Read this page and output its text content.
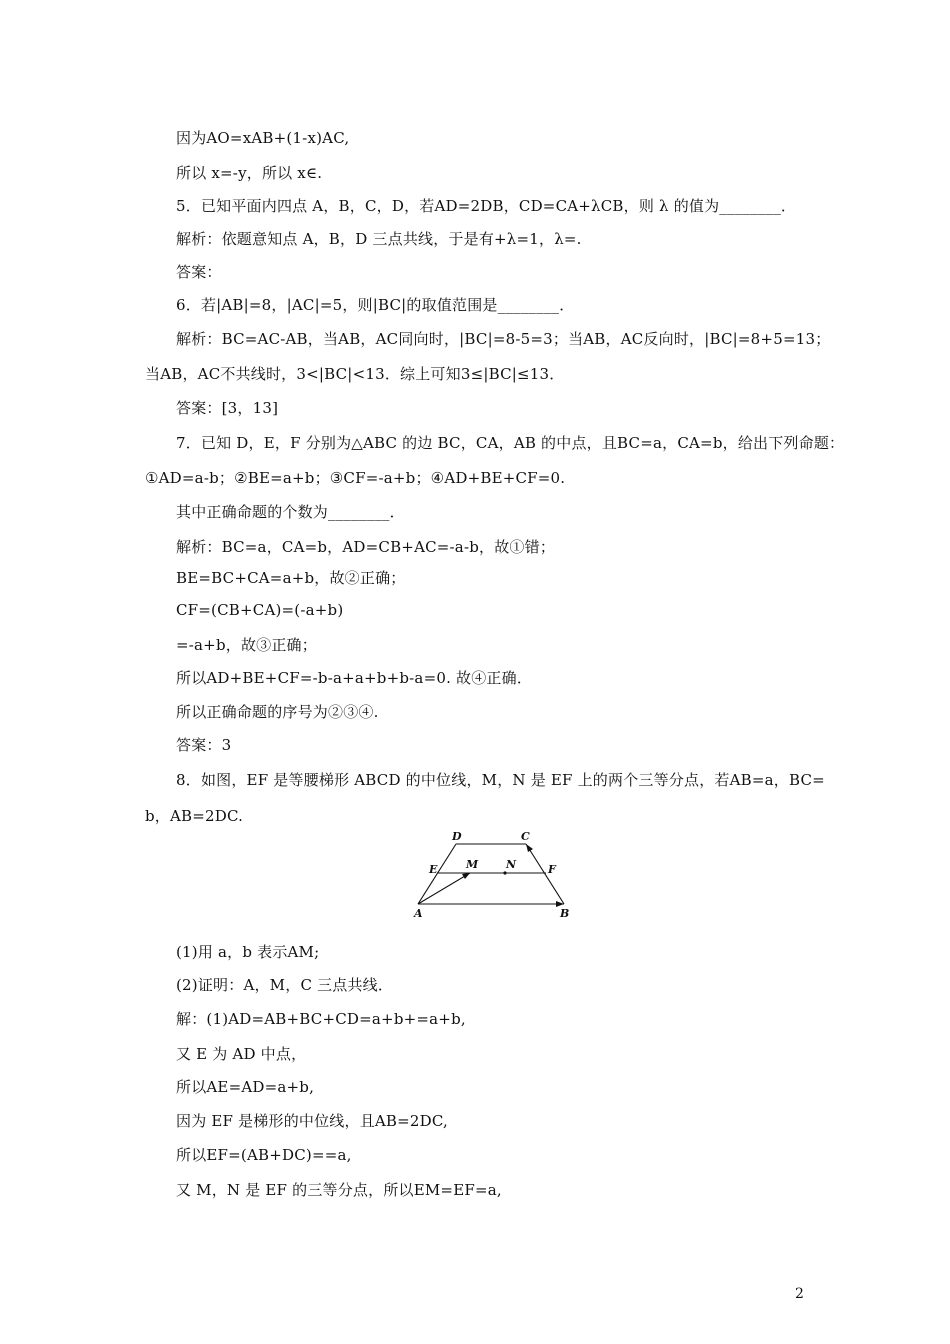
因为AO=xAB+(1-x)AC,
所以 x=-y，所以 x∈.
5．已知平面内四点 A，B，C，D，若AD=2DB，CD=CA+λCB，则 λ 的值为________．
解析：依题意知点 A，B，D 三点共线，于是有+λ=1，λ=.
答案：
6．若|AB|=8，|AC|=5，则|BC|的取值范围是________．
解析：BC=AC-AB，当AB，AC同向时，|BC|=8-5=3；当AB，AC反向时，|BC|=8+5=13；
当AB，AC不共线时，3<|BC|<13．综上可知3≤|BC|≤13．
答案：[3，13]
7．已知 D，E，F 分别为△ABC 的边 BC，CA，AB 的中点，且BC=a，CA=b，给出下列命题：
①AD=a-b；②BE=a+b；③CF=-a+b；④AD+BE+CF=0.
其中正确命题的个数为________．
解析：BC=a，CA=b，AD=CB+AC=-a-b，故①错；
BE=BC+CA=a+b，故②正确；
CF=(CB+CA)=(-a+b)
=-a+b，故③正确；
所以AD+BE+CF=-b-a+a+b+b-a=0. 故④正确．
所以正确命题的序号为②③④.
答案：3
8．如图，EF 是等腰梯形 ABCD 的中位线，M，N 是 EF 上的两个三等分点，若AB=a，BC=
b，AB=2DC.
D	C
E	F
M	N
A	B
(1)用 a，b 表示AM;
(2)证明：A，M，C 三点共线．
解：(1)AD=AB+BC+CD=a+b+=a+b,
又 E 为 AD 中点，
所以AE=AD=a+b,
因为 EF 是梯形的中位线，且AB=2DC,
所以EF=(AB+DC)==a,
又 M，N 是 EF 的三等分点，所以EM=EF=a,
2
